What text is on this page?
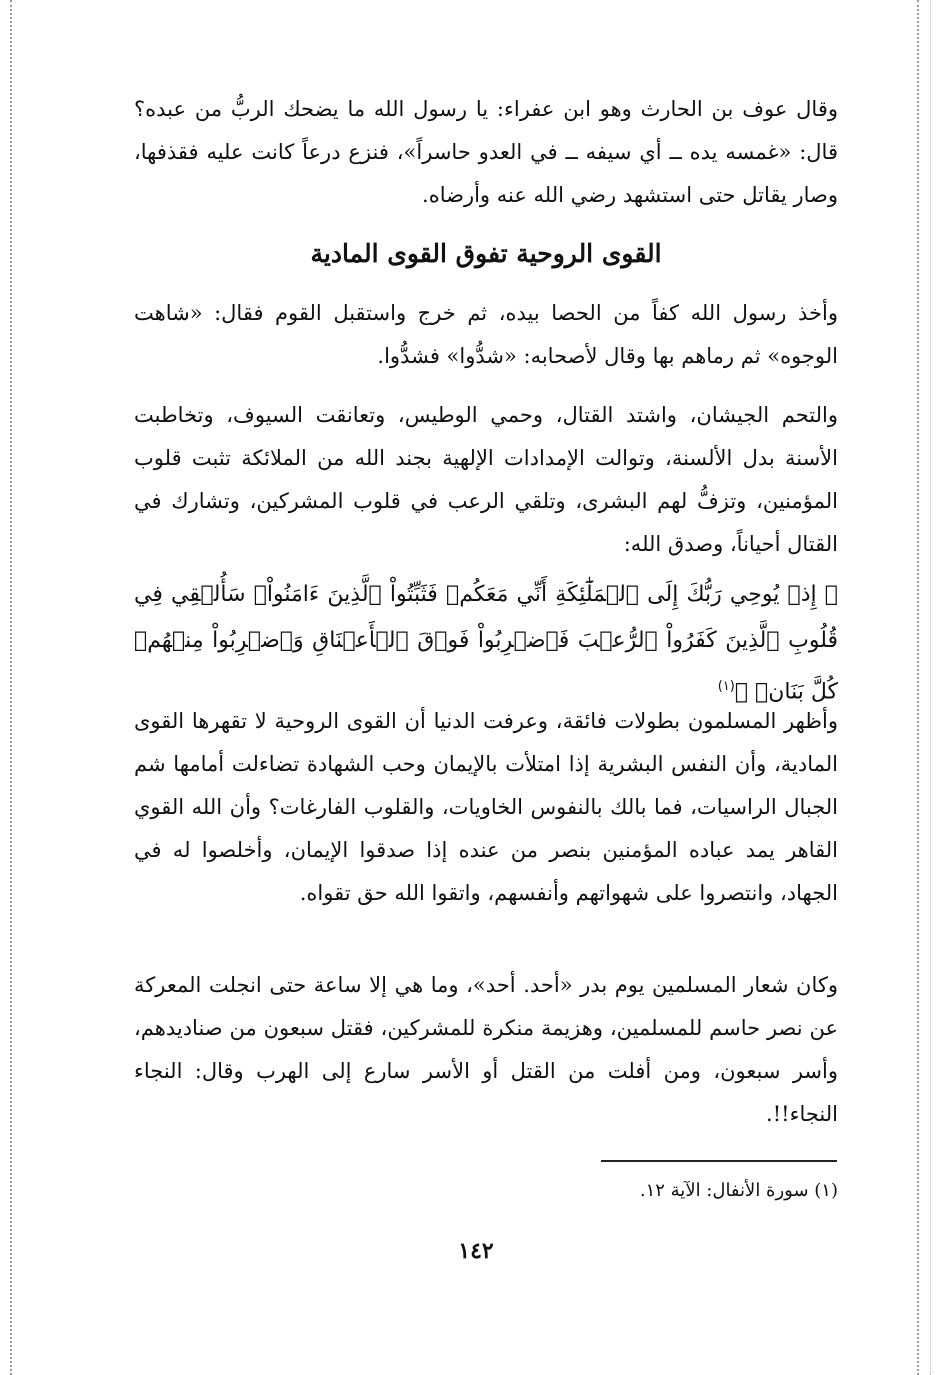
وقال عوف بن الحارث وهو ابن عفراء: يا رسول الله ما يضحك الربُّ من عبده؟ قال: «غمسه يده ــ أي سيفه ــ في العدو حاسراً»، فنزع درعاً كانت عليه فقذفها، وصار يقاتل حتى استشهد رضي الله عنه وأرضاه.

القوى الروحية تفوق القوى المادية

وأخذ رسول الله كفاً من الحصا بيده، ثم خرج واستقبل القوم فقال: «شاهت الوجوه» ثم رماهم بها وقال لأصحابه: «شدُّوا» فشدُّوا.

والتحم الجيشان، واشتد القتال، وحمي الوطيس، وتعانقت السيوف، وتخاطبت الأسنة بدل الألسنة، وتوالت الإمدادات الإلهية بجند الله من الملائكة تثبت قلوب المؤمنين، وتزفُّ لهم البشرى، وتلقي الرعب في قلوب المشركين، وتشارك في القتال أحياناً، وصدق الله:

﴿ إِذۡ يُوحِي رَبُّكَ إِلَى ٱلۡمَلَٰٓئِكَةِ أَنِّي مَعَكُمۡ فَثَبِّتُواْ ٱلَّذِينَ ءَامَنُواْۚ سَأُلۡقِي فِي قُلُوبِ ٱلَّذِينَ كَفَرُواْ ٱلرُّعۡبَ فَٱضۡرِبُواْ فَوۡقَ ٱلۡأَعۡنَاقِ وَٱضۡرِبُواْ مِنۡهُمۡ كُلَّ بَنَانٖ ﴾$^{(١)}$

وأظهر المسلمون بطولات فائقة، وعرفت الدنيا أن القوى الروحية لا تقهرها القوى المادية، وأن النفس البشرية إذا امتلأت بالإيمان وحب الشهادة تضاءلت أمامها شم الجبال الراسيات، فما بالك بالنفوس الخاويات، والقلوب الفارغات؟ وأن الله القوي القاهر يمد عباده المؤمنين بنصر من عنده إذا صدقوا الإيمان، وأخلصوا له في الجهاد، وانتصروا على شهواتهم وأنفسهم، واتقوا الله حق تقواه.

وكان شعار المسلمين يوم بدر «أحد. أحد»، وما هي إلا ساعة حتى انجلت المعركة عن نصر حاسم للمسلمين، وهزيمة منكرة للمشركين، فقتل سبعون من صناديدهم، وأسر سبعون، ومن أفلت من القتل أو الأسر سارع إلى الهرب وقال: النجاء النجاء!!.

(١) سورة الأنفال: الآية ١٢.
١٤٢
